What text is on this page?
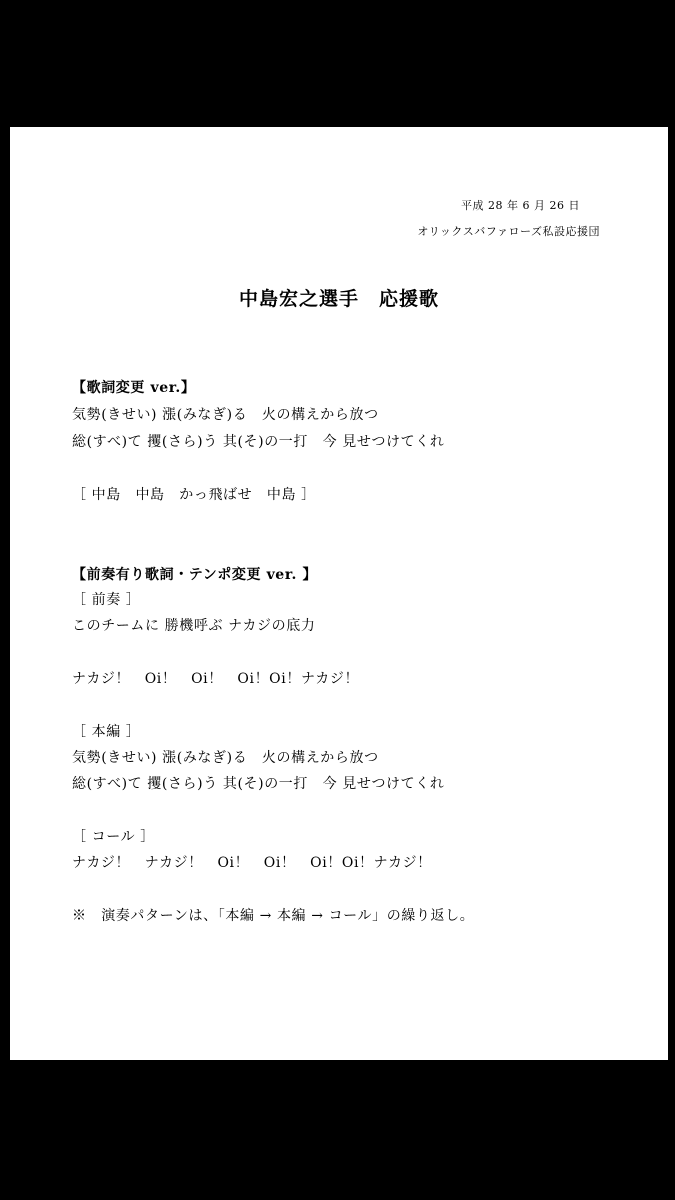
平成 28 年 6 月 26 日
オリックスバファローズ私設応援団
中島宏之選手　応援歌
【歌詞変更 ver.】
気勢(きせい) 漲(みなぎ)る　火の構えから放つ
総(すべ)て 攫(さら)う 其(そ)の一打　今 見せつけてくれ
［ 中島　中島　かっ飛ばせ　中島 ］
【前奏有り歌詞・テンポ変更 ver. 】
［ 前奏 ］
このチームに 勝機呼ぶ ナカジの底力
ナカジ！　Oi！　Oi！　Oi！Oi！ナカジ！
［ 本編 ］
気勢(きせい) 漲(みなぎ)る　火の構えから放つ
総(すべ)て 攫(さら)う 其(そ)の一打　今 見せつけてくれ
［ コール ］
ナカジ！　ナカジ！　Oi！　Oi！　Oi！Oi！ナカジ！
※　演奏パターンは、「本編 → 本編 → コール」の繰り返し。
